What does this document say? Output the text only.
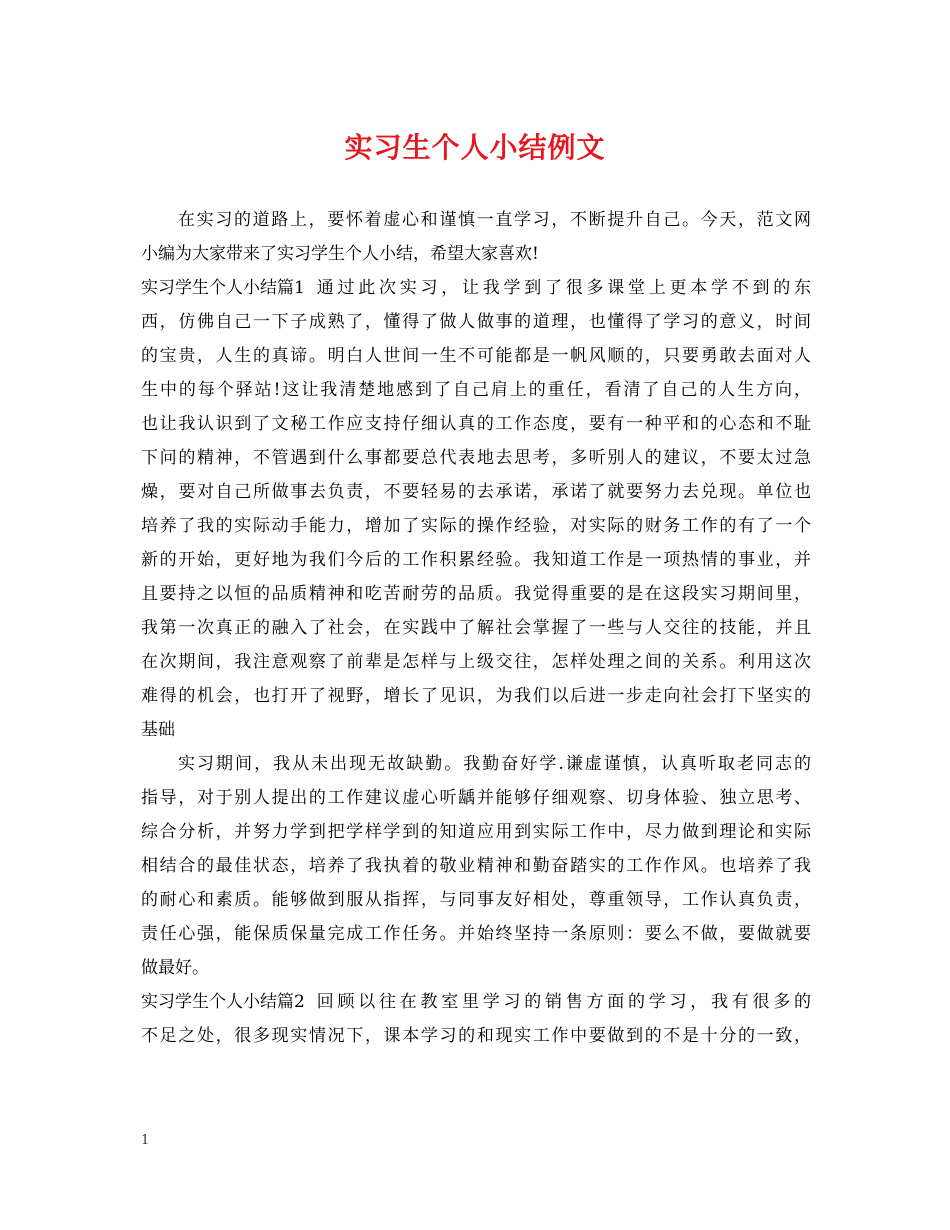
实习生个人小结例文
在实习的道路上，要怀着虚心和谨慎一直学习，不断提升自己。今天，范文网
小编为大家带来了实习学生个人小结，希望大家喜欢!
实习学生个人小结篇1 通过此次实习，让我学到了很多课堂上更本学不到的东
西，仿佛自己一下子成熟了，懂得了做人做事的道理，也懂得了学习的意义，时间
的宝贵，人生的真谛。明白人世间一生不可能都是一帆风顺的，只要勇敢去面对人
生中的每个驿站!这让我清楚地感到了自己肩上的重任，看清了自己的人生方向，
也让我认识到了文秘工作应支持仔细认真的工作态度，要有一种平和的心态和不耻
下问的精神，不管遇到什么事都要总代表地去思考，多听别人的建议，不要太过急
燥，要对自己所做事去负责，不要轻易的去承诺，承诺了就要努力去兑现。单位也
培养了我的实际动手能力，增加了实际的操作经验，对实际的财务工作的有了一个
新的开始，更好地为我们今后的工作积累经验。我知道工作是一项热情的事业，并
且要持之以恒的品质精神和吃苦耐劳的品质。我觉得重要的是在这段实习期间里，
我第一次真正的融入了社会，在实践中了解社会掌握了一些与人交往的技能，并且
在次期间，我注意观察了前辈是怎样与上级交往，怎样处理之间的关系。利用这次
难得的机会，也打开了视野，增长了见识，为我们以后进一步走向社会打下坚实的
基础
实习期间，我从未出现无故缺勤。我勤奋好学.谦虚谨慎，认真听取老同志的
指导，对于别人提出的工作建议虚心听龋并能够仔细观察、切身体验、独立思考、
综合分析，并努力学到把学样学到的知道应用到实际工作中，尽力做到理论和实际
相结合的最佳状态，培养了我执着的敬业精神和勤奋踏实的工作作风。也培养了我
的耐心和素质。能够做到服从指挥，与同事友好相处，尊重领导，工作认真负责，
责任心强，能保质保量完成工作任务。并始终坚持一条原则：要么不做，要做就要
做最好。
实习学生个人小结篇2 回顾以往在教室里学习的销售方面的学习，我有很多的
不足之处，很多现实情况下，课本学习的和现实工作中要做到的不是十分的一致，
1
